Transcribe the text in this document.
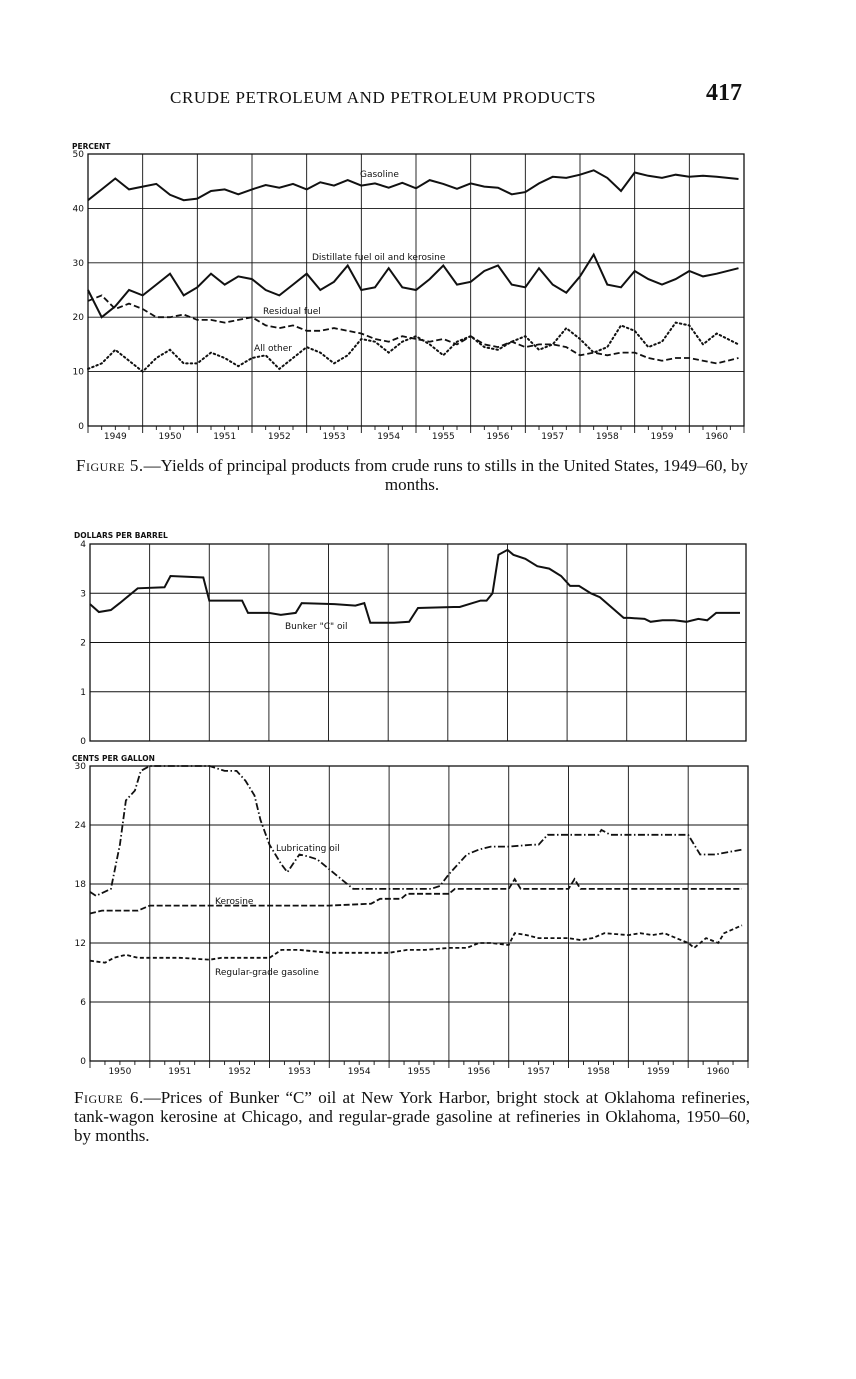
CRUDE PETROLEUM AND PETROLEUM PRODUCTS	417
PERCENT
0
10
20
30
40
50
1949	1950	1951	1952	1953	1954	1955	1956	1957	1958	1959	1960
Gasoline
Distillate fuel oil and kerosine
Residual fuel
All other
Figure 5.—Yields of principal products from crude runs to stills in the United States, 1949–60, by months.
DOLLARS PER BARREL
0
1
2
3
4
Bunker "C" oil
CENTS PER GALLON
0
6
12
18
24
30
1950	1951	1952	1953	1954	1955	1956	1957	1958	1959	1960
Lubricating oil
Kerosine
Regular-grade gasoline
Figure 6.—Prices of Bunker “C” oil at New York Harbor, bright stock at Oklahoma refineries, tank-wagon kerosine at Chicago, and regular-grade gasoline at refineries in Oklahoma, 1950–60, by months.
